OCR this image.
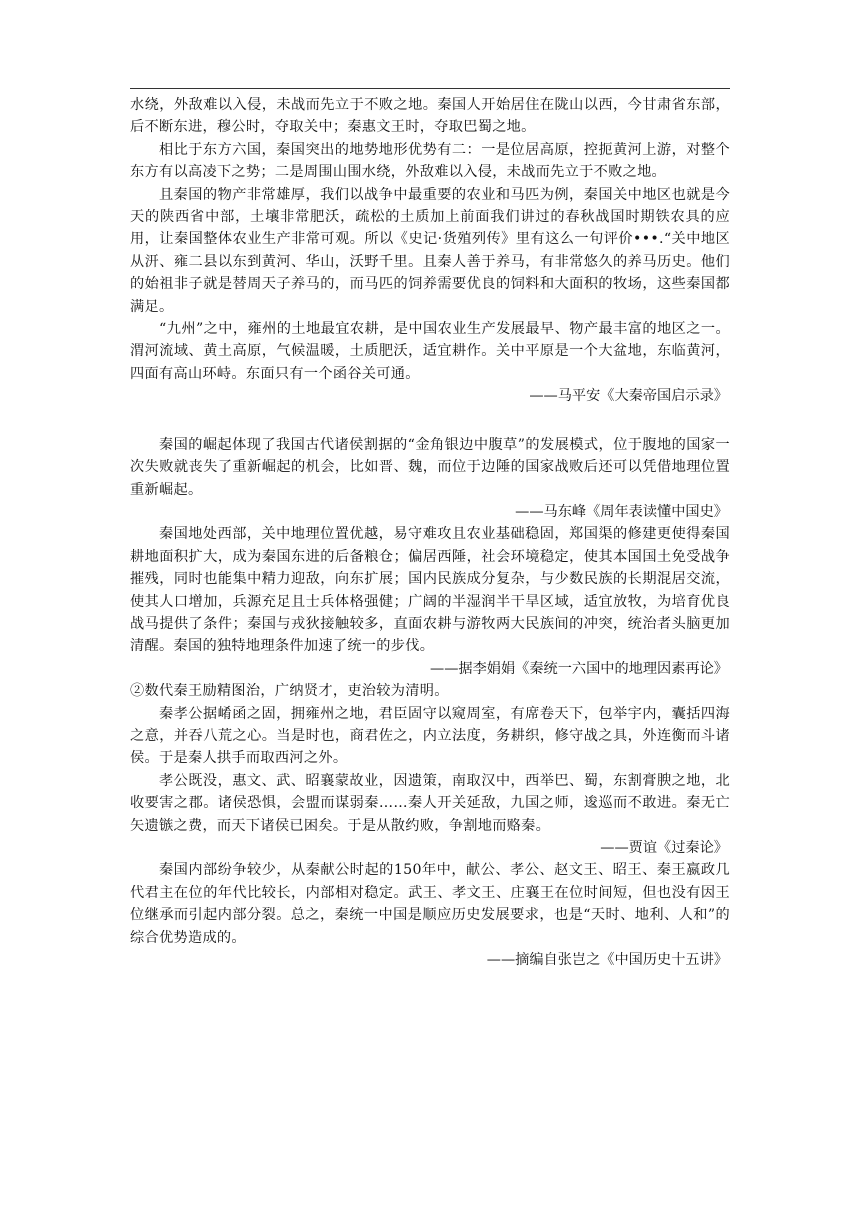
水绕，外敌难以入侵，未战而先立于不败之地。秦国人开始居住在陇山以西，今甘肃省东部，后不断东进，穆公时，夺取关中；秦惠文王时，夺取巴蜀之地。

相比于东方六国，秦国突出的地势地形优势有二：一是位居高原，控扼黄河上游，对整个东方有以高凌下之势；二是周围山围水绕，外敌难以入侵，未战而先立于不败之地。

且秦国的物产非常雄厚，我们以战争中最重要的农业和马匹为例，秦国关中地区也就是今天的陕西省中部，土壤非常肥沃，疏松的土质加上前面我们讲过的春秋战国时期铁农具的应用，让秦国整体农业生产非常可观。所以《史记·货殖列传》里有这么一句评价•••.“关中地区从汧、雍二县以东到黄河、华山，沃野千里。且秦人善于养马，有非常悠久的养马历史。他们的始祖非子就是替周天子养马的，而马匹的饲养需要优良的饲料和大面积的牧场，这些秦国都满足。

“九州”之中，雍州的土地最宜农耕，是中国农业生产发展最早、物产最丰富的地区之一。渭河流域、黄土高原，气候温暖，土质肥沃，适宜耕作。关中平原是一个大盆地，东临黄河，四面有高山环峙。东面只有一个函谷关可通。

——马平安《大秦帝国启示录》

秦国的崛起体现了我国古代诸侯割据的“金角银边中腹草”的发展模式，位于腹地的国家一次失败就丧失了重新崛起的机会，比如晋、魏，而位于边陲的国家战败后还可以凭借地理位置重新崛起。

——马东峰《周年表读懂中国史》

秦国地处西部，关中地理位置优越，易守难攻且农业基础稳固，郑国渠的修建更使得秦国耕地面积扩大，成为秦国东进的后备粮仓；偏居西陲，社会环境稳定，使其本国国土免受战争摧残，同时也能集中精力迎敌，向东扩展；国内民族成分复杂，与少数民族的长期混居交流，使其人口增加，兵源充足且士兵体格强健；广阔的半湿润半干旱区域，适宜放牧，为培育优良战马提供了条件；秦国与戎狄接触较多，直面农耕与游牧两大民族间的冲突，统治者头脑更加清醒。秦国的独特地理条件加速了统一的步伐。

——据李娟娟《秦统一六国中的地理因素再论》

②数代秦王励精图治，广纳贤才，吏治较为清明。

秦孝公据崤函之固，拥雍州之地，君臣固守以窥周室，有席卷天下，包举宇内，囊括四海之意，并吞八荒之心。当是时也，商君佐之，内立法度，务耕织，修守战之具，外连衡而斗诸侯。于是秦人拱手而取西河之外。

孝公既没，惠文、武、昭襄蒙故业，因遗策，南取汉中，西举巴、蜀，东割膏腴之地，北收要害之郡。诸侯恐惧，会盟而谋弱秦……秦人开关延敌，九国之师，逡巡而不敢进。秦无亡矢遗镞之费，而天下诸侯已困矣。于是从散约败，争割地而赂秦。

——贾谊《过秦论》

秦国内部纷争较少，从秦献公时起的150年中，献公、孝公、赵文王、昭王、秦王嬴政几代君主在位的年代比较长，内部相对稳定。武王、孝文王、庄襄王在位时间短，但也没有因王位继承而引起内部分裂。总之，秦统一中国是顺应历史发展要求，也是“天时、地利、人和”的综合优势造成的。

——摘编自张岂之《中国历史十五讲》
